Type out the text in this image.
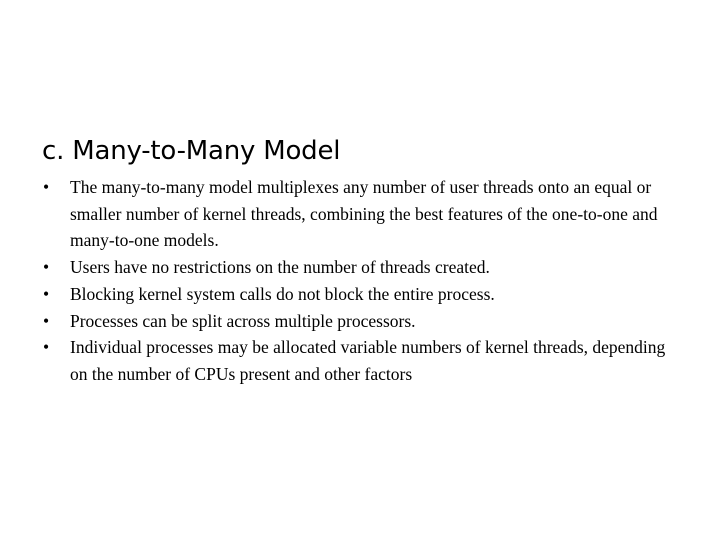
c. Many-to-Many Model
• The many-to-many model multiplexes any number of user threads onto an equal or smaller number of kernel threads, combining the best features of the one-to-one and many-to-one models.
• Users have no restrictions on the number of threads created.
• Blocking kernel system calls do not block the entire process.
• Processes can be split across multiple processors.
• Individual processes may be allocated variable numbers of kernel threads, depending on the number of CPUs present and other factors
